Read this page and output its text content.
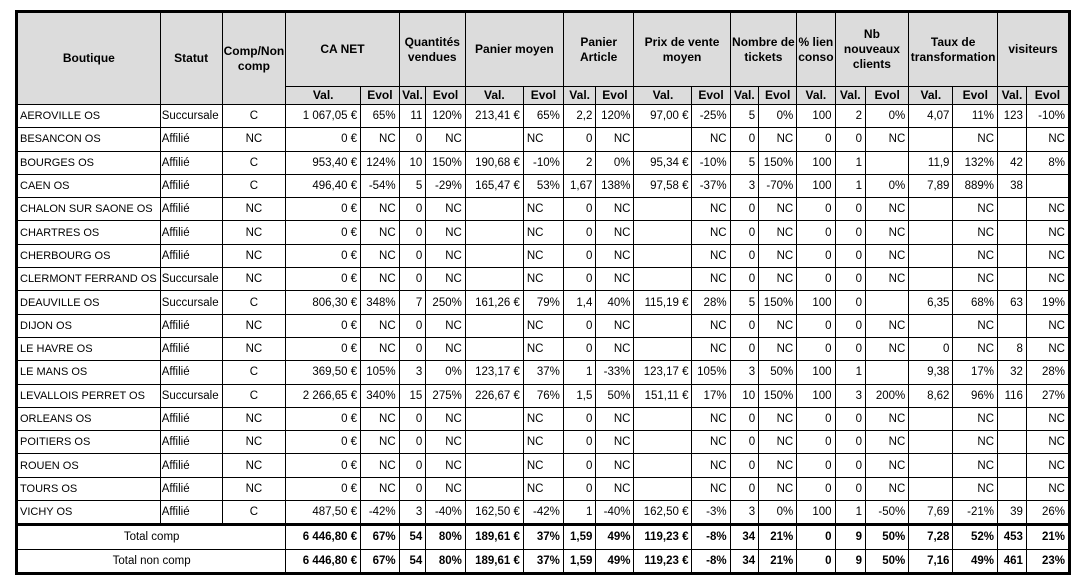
Boutique	Statut	Comp/Non comp	CA NET		Quantités vendues		Panier moyen		Panier Article		Prix de vente moyen		Nombre de tickets		% lien conso	Nb nouveaux clients		Taux de transformation		visiteurs	
			Val.	Evol	Val.	Evol	Val.	Evol	Val.	Evol	Val.	Evol	Val.	Evol	Val.	Val.	Evol	Val.	Evol	Val.	Evol
AEROVILLE OS	Succursale	C	1 067,05 €	65%	11	120%	213,41 €	65%	2,2	120%	97,00 €	-25%	5	0%	100	2	0%	4,07	11%	123	-10%
BESANCON OS	Affilié	NC	0 €	NC	0	NC		NC	0	NC		NC	0	NC	0	0	NC		NC		NC
BOURGES OS	Affilié	C	953,40 €	124%	10	150%	190,68 €	-10%	2	0%	95,34 €	-10%	5	150%	100	1		11,9	132%	42	8%
CAEN OS	Affilié	C	496,40 €	-54%	5	-29%	165,47 €	53%	1,67	138%	97,58 €	-37%	3	-70%	100	1	0%	7,89	889%	38	
CHALON SUR SAONE OS	Affilié	NC	0 €	NC	0	NC		NC	0	NC		NC	0	NC	0	0	NC		NC		NC
CHARTRES OS	Affilié	NC	0 €	NC	0	NC		NC	0	NC		NC	0	NC	0	0	NC		NC		NC
CHERBOURG OS	Affilié	NC	0 €	NC	0	NC		NC	0	NC		NC	0	NC	0	0	NC		NC		NC
CLERMONT FERRAND OS	Succursale	NC	0 €	NC	0	NC		NC	0	NC		NC	0	NC	0	0	NC		NC		NC
DEAUVILLE OS	Succursale	C	806,30 €	348%	7	250%	161,26 €	79%	1,4	40%	115,19 €	28%	5	150%	100	0		6,35	68%	63	19%
DIJON OS	Affilié	NC	0 €	NC	0	NC		NC	0	NC		NC	0	NC	0	0	NC		NC		NC
LE HAVRE OS	Affilié	NC	0 €	NC	0	NC		NC	0	NC		NC	0	NC	0	0	NC	0	NC	8	NC
LE MANS OS	Affilié	C	369,50 €	105%	3	0%	123,17 €	37%	1	-33%	123,17 €	105%	3	50%	100	1		9,38	17%	32	28%
LEVALLOIS PERRET OS	Succursale	C	2 266,65 €	340%	15	275%	226,67 €	76%	1,5	50%	151,11 €	17%	10	150%	100	3	200%	8,62	96%	116	27%
ORLEANS OS	Affilié	NC	0 €	NC	0	NC		NC	0	NC		NC	0	NC	0	0	NC		NC		NC
POITIERS OS	Affilié	NC	0 €	NC	0	NC		NC	0	NC		NC	0	NC	0	0	NC		NC		NC
ROUEN OS	Affilié	NC	0 €	NC	0	NC		NC	0	NC		NC	0	NC	0	0	NC		NC		NC
TOURS OS	Affilié	NC	0 €	NC	0	NC		NC	0	NC		NC	0	NC	0	0	NC		NC		NC
VICHY OS	Affilié	C	487,50 €	-42%	3	-40%	162,50 €	-42%	1	-40%	162,50 €	-3%	3	0%	100	1	-50%	7,69	-21%	39	26%
Total comp			6 446,80 €	67%	54	80%	189,61 €	37%	1,59	49%	119,23 €	-8%	34	21%	0	9	50%	7,28	52%	453	21%
Total non comp			6 446,80 €	67%	54	80%	189,61 €	37%	1,59	49%	119,23 €	-8%	34	21%	0	9	50%	7,16	49%	461	23%
